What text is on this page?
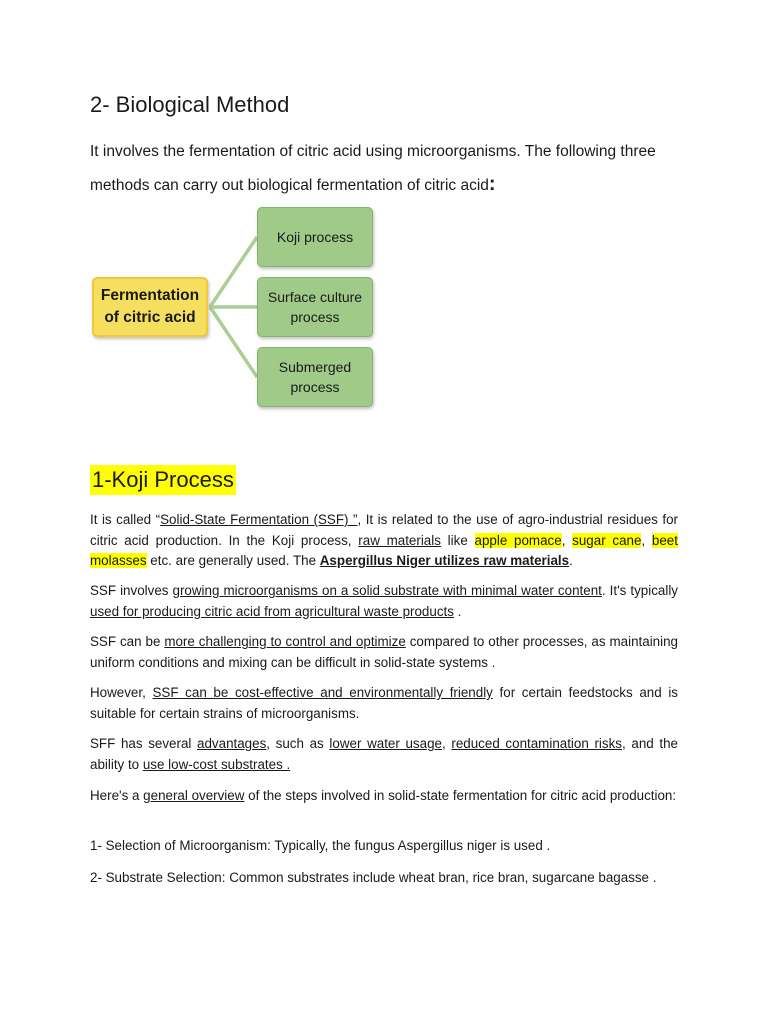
2- Biological Method
It involves the fermentation of citric acid using microorganisms. The following three methods can carry out biological fermentation of citric acid:
Fermentation of citric acid
Koji process
Surface culture process
Submerged process
1-Koji Process
It is called “Solid-State Fermentation (SSF) ”, It is related to the use of agro-industrial residues for citric acid production. In the Koji process, raw materials like apple pomace, sugar cane, beet molasses etc. are generally used. The Aspergillus Niger utilizes raw materials.
SSF involves growing microorganisms on a solid substrate with minimal water content. It's typically used for producing citric acid from agricultural waste products .
SSF can be more challenging to control and optimize compared to other processes, as maintaining uniform conditions and mixing can be difficult in solid-state systems .
However, SSF can be cost-effective and environmentally friendly for certain feedstocks and is suitable for certain strains of microorganisms.
SFF has several advantages, such as lower water usage, reduced contamination risks, and the ability to use low-cost substrates .
Here's a general overview of the steps involved in solid-state fermentation for citric acid production:
1- Selection of Microorganism: Typically, the fungus Aspergillus niger is used .
2- Substrate Selection: Common substrates include wheat bran, rice bran, sugarcane bagasse .
